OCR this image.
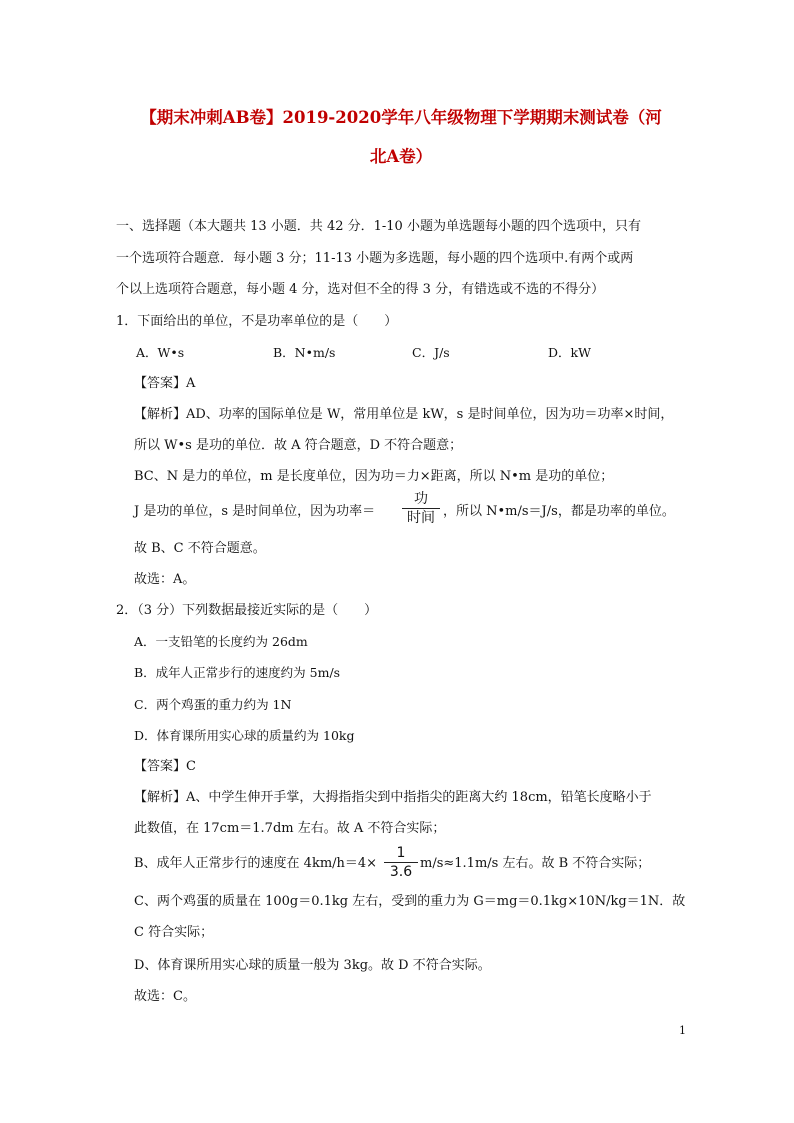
【期末冲刺AB卷】2019-2020学年八年级物理下学期期末测试卷（河
北A卷）
一、选择题（本大题共 13 小题．共 42 分．1-10 小题为单选题每小题的四个选项中，只有
一个选项符合题意．每小题 3 分；11-13 小题为多选题，每小题的四个选项中.有两个或两
个以上选项符合题意，每小题 4 分，选对但不全的得 3 分，有错选或不选的不得分）
1．下面给出的单位，不是功率单位的是（　　）
A．W•s	B．N•m/s	C．J/s	D．kW
【答案】A
【解析】AD、功率的国际单位是 W，常用单位是 kW，s 是时间单位，因为功＝功率×时间，
所以 W•s 是功的单位．故 A 符合题意，D 不符合题意；
BC、N 是力的单位，m 是长度单位，因为功＝力×距离，所以 N•m 是功的单位；
J 是功的单位，s 是时间单位，因为功率＝
功
时间 ，所以 N•m/s＝J/s，都是功率的单位。
故 B、C 不符合题意。
故选：A。
2．（3 分）下列数据最接近实际的是（　　）
A．一支铅笔的长度约为 26dm
B．成年人正常步行的速度约为 5m/s
C．两个鸡蛋的重力约为 1N
D．体育课所用实心球的质量约为 10kg
【答案】C
【解析】A、中学生伸开手掌，大拇指指尖到中指指尖的距离大约 18cm，铅笔长度略小于
此数值，在 17cm＝1.7dm 左右。故 A 不符合实际；
B、成年人正常步行的速度在 4km/h＝4×
1
3.6
m/s≈1.1m/s 左右。故 B 不符合实际；
C、两个鸡蛋的质量在 100g＝0.1kg 左右，受到的重力为 G＝mg＝0.1kg×10N/kg＝1N．故
C 符合实际；
D、体育课所用实心球的质量一般为 3kg。故 D 不符合实际。
故选：C。
1
